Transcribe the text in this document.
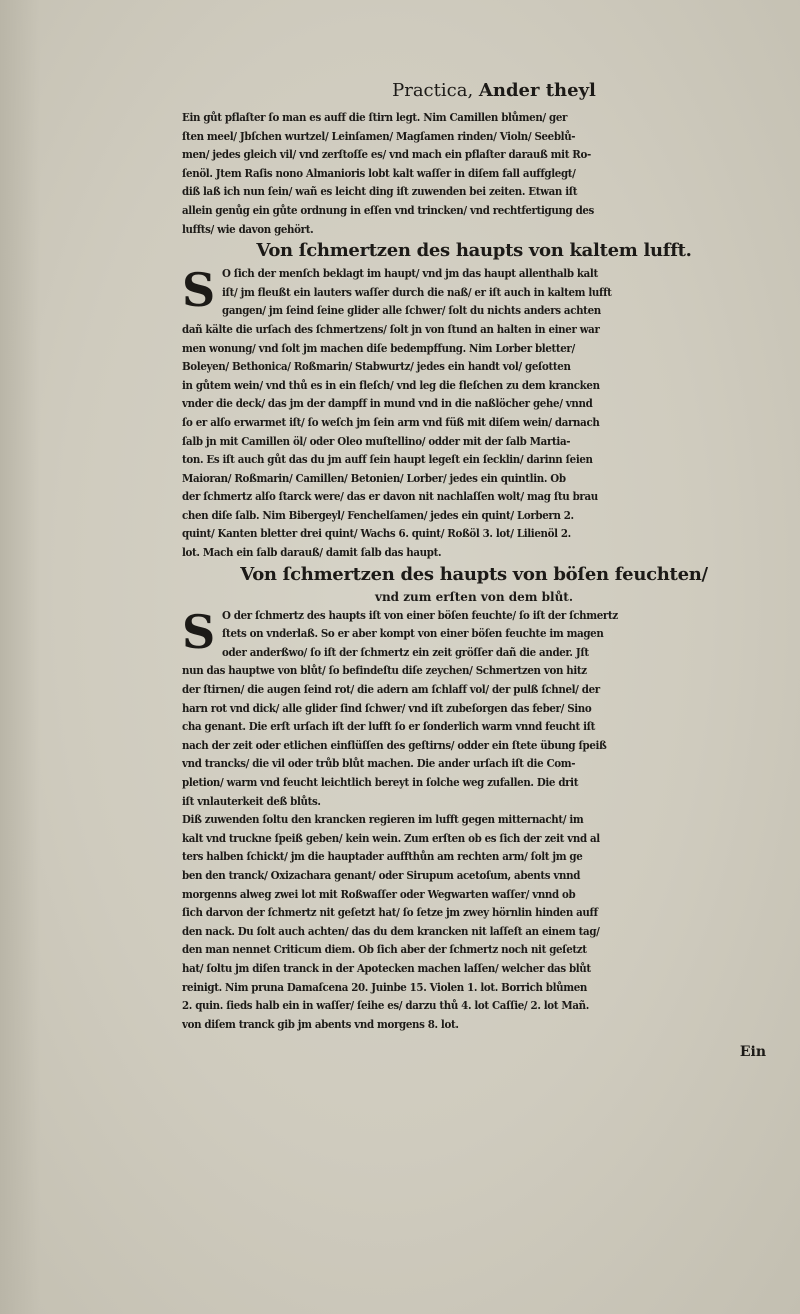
Practica, Ander theyl
Ein gůt pflaſter ſo man es auff die ſtirn legt. Nim Camillen blůmen/ ger
ſten meel/ Jbſchen wurtzel/ Leinſamen/ Magſamen rinden/ Violn/ Seeblů‐
men/ jedes gleich vil/ vnd zerſtoſſe es/ vnd mach ein pflaſter darauß mit Ro‐
ſenöl. Jtem Raſis nono Almanioris lobt kalt waſſer in diſem fall auffglegt/
diß laß ich nun ſein/ wañ es leicht ding iſt zuwenden bei zeiten. Etwan iſt
allein genůg ein gůte ordnung in eſſen vnd trincken/ vnd rechtfertigung des
luffts/ wie davon gehört.
Von ſchmertzen des haupts von kaltem lufft.
S O ſich der menſch beklagt im haupt/ vnd jm das haupt allenthalb kalt
iſt/ jm fleußt ein lauters waſſer durch die naß/ er iſt auch in kaltem lufft
gangen/ jm ſeind ſeine glider alle ſchwer/ ſolt du nichts anders achten
dañ kälte die urſach des ſchmertzens/ ſolt jn von ſtund an halten in einer war
men wonung/ vnd ſolt jm machen diſe bedempffung. Nim Lorber bletter/
Boleyen/ Bethonica/ Roßmarin/ Stabwurtz/ jedes ein handt vol/ geſotten
in gůtem wein/ vnd thů es in ein fleſch/ vnd leg die fleſchen zu dem krancken
vnder die deck/ das jm der dampff in mund vnd in die naßlöcher gehe/ vnnd
ſo er alſo erwarmet iſt/ ſo weſch jm ſein arm vnd füß mit diſem wein/ darnach
ſalb jn mit Camillen öl/ oder Oleo muſtellino/ odder mit der ſalb Martia‐
ton. Es iſt auch gůt das du jm auff ſein haupt legeſt ein ſecklin/ darinn ſeien
Maioran/ Roßmarin/ Camillen/ Betonien/ Lorber/ jedes ein quintlin. Ob
der ſchmertz alſo ſtarck were/ das er davon nit nachlaſſen wolt/ mag ſtu brau
chen diſe ſalb. Nim Bibergeyl/ Fenchelſamen/ jedes ein quint/ Lorbern 2.
quint/ Kanten bletter drei quint/ Wachs 6. quint/ Roßöl 3. lot/ Lilienöl 2.
lot. Mach ein ſalb darauß/ damit ſalb das haupt.
Von ſchmertzen des haupts von böſen feuchten/
vnd zum erſten von dem blůt.
S O der ſchmertz des haupts iſt von einer böſen feuchte/ ſo iſt der ſchmertz
ſtets on vnderlaß. So er aber kompt von einer böſen feuchte im magen
oder anderßwo/ ſo iſt der ſchmertz ein zeit gröſſer dañ die ander. Jſt
nun das hauptwe von blůt/ ſo befindeſtu diſe zeychen/ Schmertzen von hitz
der ſtirnen/ die augen ſeind rot/ die adern am ſchlaff vol/ der pulß ſchnel/ der
harn rot vnd dick/ alle glider ſind ſchwer/ vnd iſt zubeſorgen das feber/ Sino
cha genant. Die erſt urſach iſt der lufft ſo er ſonderlich warm vnnd feucht iſt
nach der zeit oder etlichen einflüſſen des geſtirns/ odder ein ſtete übung ſpeiß
vnd trancks/ die vil oder trůb blůt machen. Die ander urſach iſt die Com‐
pletion/ warm vnd feucht leichtlich bereyt in ſolche weg zufallen. Die drit
iſt vnlauterkeit deß blůts.
Diß zuwenden ſoltu den krancken regieren im lufft gegen mitternacht/ im
kalt vnd truckne ſpeiß geben/ kein wein. Zum erſten ob es ſich der zeit vnd al
ters halben ſchickt/ jm die hauptader auffthůn am rechten arm/ ſolt jm ge
ben den tranck/ Oxizachara genant/ oder Sirupum acetoſum, abents vnnd
morgenns alweg zwei lot mit Roßwaſſer oder Wegwarten waſſer/ vnnd ob
ſich darvon der ſchmertz nit geſetzt hat/ ſo ſetze jm zwey hörnlin hinden auff
den nack. Du ſolt auch achten/ das du dem krancken nit laſſeſt an einem tag/
den man nennet Criticum diem. Ob ſich aber der ſchmertz noch nit geſetzt
hat/ ſoltu jm diſen tranck in der Apotecken machen laſſen/ welcher das blůt
reinigt. Nim pruna Damaſcena 20. Juinbe 15. Violen 1. lot. Borrich blůmen
2. quin. ſieds halb ein in waſſer/ ſeihe es/ darzu thů 4. lot Caſſie/ 2. lot Mañ.
von diſem tranck gib jm abents vnd morgens 8. lot.
Ein
